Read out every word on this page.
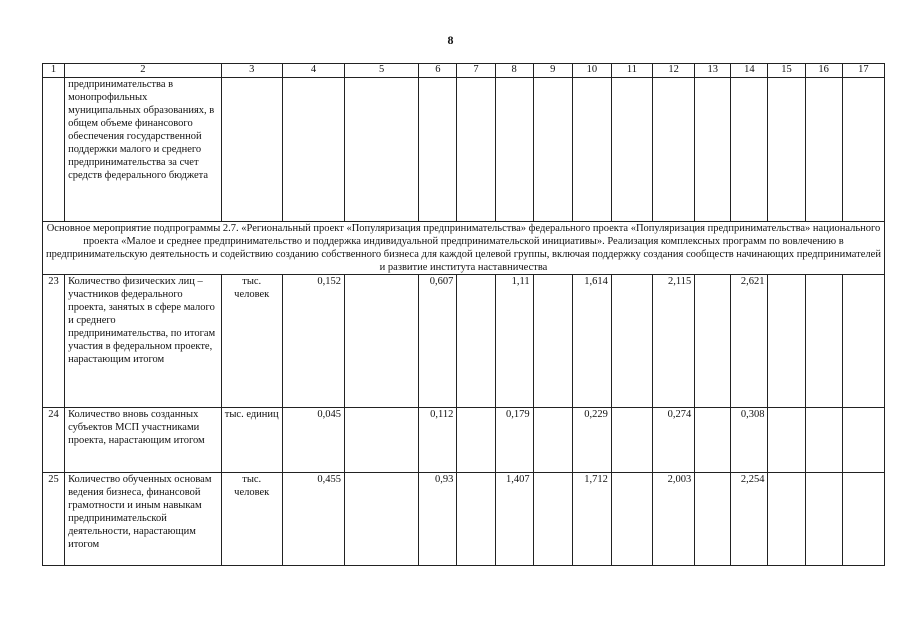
8
1	2	3	4	5	6	7	8	9	10	11	12	13	14	15	16	17
	предпринимательства в монопрофильных муниципальных образованиях, в общем объеме финансового обеспечения государственной поддержки малого и среднего предпринимательства за счет средств федерального бюджета															
Основное мероприятие подпрограммы 2.7. «Региональный проект «Популяризация предпринимательства» федерального проекта «Популяризация предпринимательства» национального проекта «Малое и среднее предпринимательство и поддержка индивидуальной предпринимательской инициативы». Реализация комплексных программ по вовлечению в предпринимательскую деятельность и содействию созданию собственного бизнеса для каждой целевой группы, включая поддержку создания сообществ начинающих предпринимателей и развитие института наставничества																
23	Количество физических лиц – участников федерального проекта, занятых в сфере малого и среднего предпринимательства, по итогам участия в федеральном проекте, нарастающим итогом	тыс. человек	0,152		0,607		1,11		1,614		2,115		2,621			
24	Количество вновь созданных субъектов МСП участниками проекта, нарастающим итогом	тыс. единиц	0,045		0,112		0,179		0,229		0,274		0,308			
25	Количество обученных основам ведения бизнеса, финансовой грамотности и иным навыкам предпринимательской деятельности, нарастающим итогом	тыс. человек	0,455		0,93		1,407		1,712		2,003		2,254			
